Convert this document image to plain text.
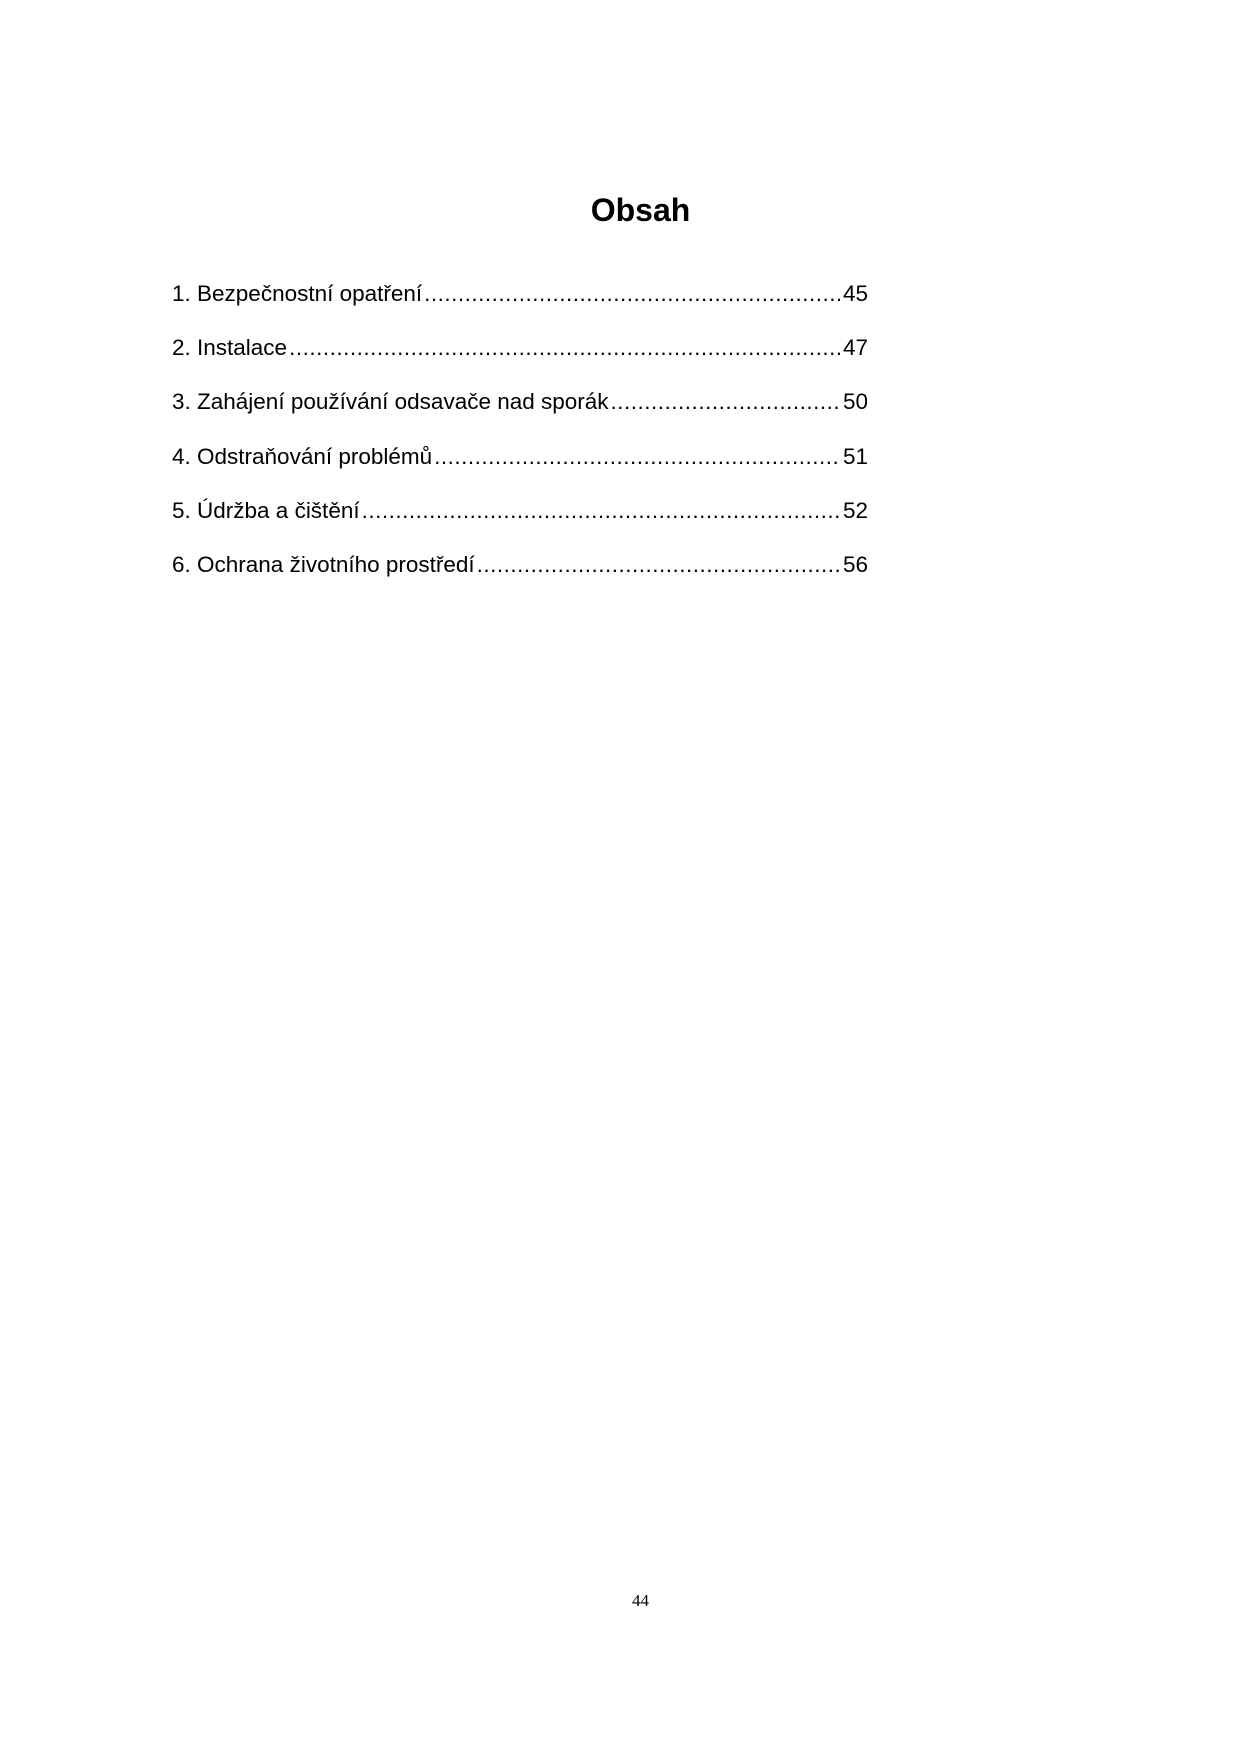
Obsah
1. Bezpečnostní opatření .....	45
2. Instalace .....	47
3. Zahájení používání odsavače nad sporák .....	50
4. Odstraňování problémů .....	51
5. Údržba a čištění .....	52
6. Ochrana životního prostředí .....	56
44
